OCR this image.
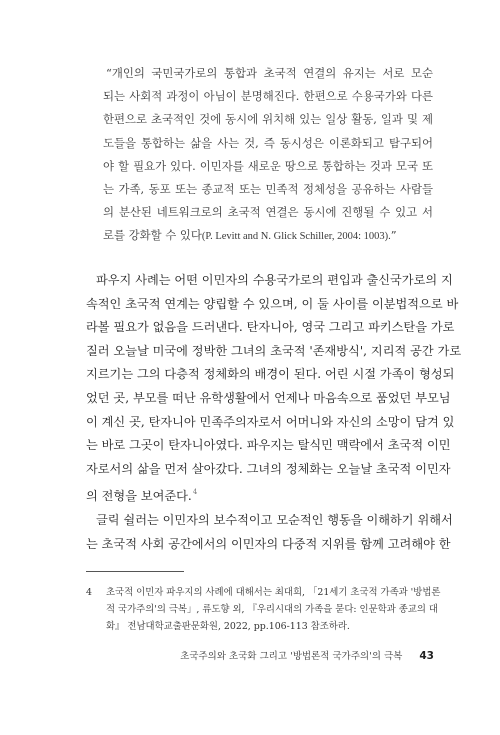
“개인의 국민국가로의 통합과 초국적 연결의 유지는 서로 모순
되는 사회적 과정이 아님이 분명해진다. 한편으로 수용국가와 다른
한편으로 초국적인 것에 동시에 위치해 있는 일상 활동, 일과 및 제
도들을 통합하는 삶을 사는 것, 즉 동시성은 이론화되고 탐구되어
야 할 필요가 있다. 이민자를 새로운 땅으로 통합하는 것과 모국 또
는 가족, 동포 또는 종교적 또는 민족적 정체성을 공유하는 사람들
의 분산된 네트워크로의 초국적 연결은 동시에 진행될 수 있고 서
로를 강화할 수 있다(P. Levitt and N. Glick Schiller, 2004: 1003).”
파우지 사례는 어떤 이민자의 수용국가로의 편입과 출신국가로의 지
속적인 초국적 연계는 양립할 수 있으며, 이 둘 사이를 이분법적으로 바
라볼 필요가 없음을 드러낸다. 탄자니아, 영국 그리고 파키스탄을 가로
질러 오늘날 미국에 정박한 그녀의 초국적 '존재방식', 지리적 공간 가로
지르기는 그의 다층적 정체화의 배경이 된다. 어린 시절 가족이 형성되
었던 곳, 부모를 떠난 유학생활에서 언제나 마음속으로 품었던 부모님
이 계신 곳, 탄자니아 민족주의자로서 어머니와 자신의 소망이 담겨 있
는 바로 그곳이 탄자니아였다. 파우지는 탈식민 맥락에서 초국적 이민
자로서의 삶을 먼저 살아갔다. 그녀의 정체화는 오늘날 초국적 이민자
의 전형을 보여준다.$^4$
글릭 쉴러는 이민자의 보수적이고 모순적인 행동을 이해하기 위해서
는 초국적 사회 공간에서의 이민자의 다중적 지위를 함께 고려해야 한
4 초국적 이민자 파우지의 사례에 대해서는 최대희, 「21세기 초국적 가족과 '방법론
적 국가주의'의 극복」, 류도향 외, 『우리시대의 가족을 묻다: 인문학과 종교의 대
화』 전남대학교출판문화원, 2022, pp.106-113 참조하라.
초국주의와 초국화 그리고 '방법론적 국가주의'의 극복 43
